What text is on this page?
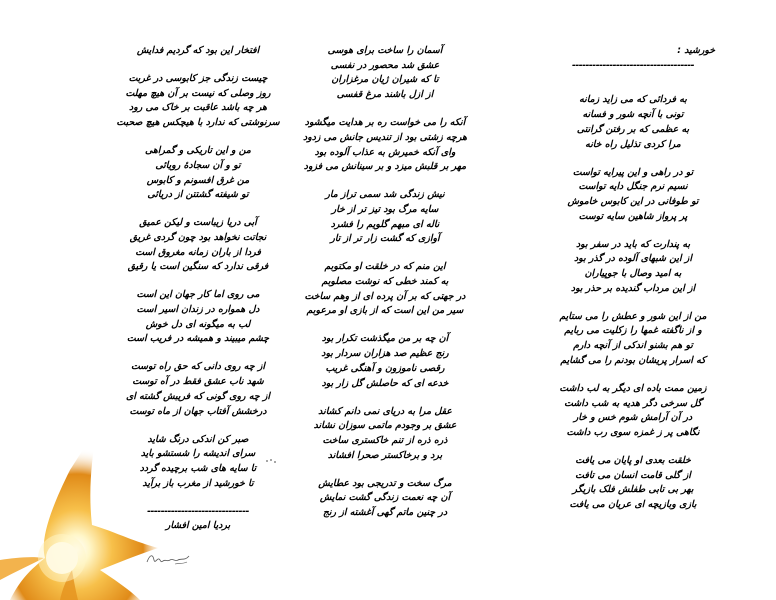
خورشید :
------------------------------------
به فردائی که می زاید زمانه
تونی با آنچه شور و فسانه
به عظمی که بر رفتن گرانتی
مرا کردی تذلیل راه خانه
تو در راهی و این پیرایه تواست
نسیم نرم جنگل دایه تواست
تو طوفانی در این کابوس خاموش
پر پرواز شاهین سایه توست
به پندارت که باید در سفر بود
از این شبهای آلوده در گذر بود
به امید وصال با جوپیاران
از این مرداب گندیده بر حذر بود
من از این شور و عطش را می ستایم
و از ناگفته غمها را زکلیت می ربایم
تو هم بشنو اندکی از آنچه دارم
که اسرار پریشان بودنم را می گشایم
زمین ممت باده ای دیگر به لب داشت
گل سرخی دگر هدیه به شب داشت
در آن آرامش شوم خس و خار
نگاهی پر ز غمزه سوی رب داشت
خلقت بعدی او پایان می یافت
از گلی قامت انسان می تافت
بهر بی تابی طفلش فلک بازیگر
بازی وبازیچه ای عریان می یافت
آسمان را ساخت برای هوسی
عشق شد محصور در نفسی
تا که شیران ژیان مرغزاران
از ازل باشند مرغ قفسی
آنکه را می خواست ره بر هدایت میگشود
هرچه زشتی بود از تندیس جانش می زدود
وای آنکه خمیرش به عذاب آلوده بود
مهر بر قلبش میزد و بر سینانش می فزود
نیش زندگی شد سمی تراز مار
سایه مرگ بود تیز تر از خار
ناله ای مبهم گلویم را فشرد
آوازی که گشت زار تر از تار
این منم که در خلقت او مکتوبم
به کمند خطی که نوشت مصلوبم
در جهتی که بر آن پرده ای از وهم ساخت
سیر من این است که از بازی او مرعوبم
آن چه بر من میگذشت تکرار بود
رنج عظیم صد هزاران سردار بود
رقصی ناموزون و آهنگی غریب
خدعه ای که حاصلش گل زار بود
عقل مرا به دریای نمی دانم کشاند
عشق بر وجودم ماتمی سوزان نشاند
ذره ذره از تنم خاکستری ساخت
برد و برخاکستر صحرا افشاند
مرگ سخت و تدریجی بود عطایش
آن چه نعمت زندگی گشت نمایش
در چنین ماتم گهی آغشته از رنج
افتخار این بود که گردیم فدایش
چیست زندگی جز کابوسی در غربت
روز وصلی که نیست بر آن هیچ مهلت
هر چه باشد عاقبت بر خاک می رود
سرنوشتی که ندارد با هیچکس هیچ صحبت
من و این تاریکی و گمراهی
تو و آن سجادهٔ رویائی
من غرق افسونم و کابوس
تو شیفته گشتتن از دریائی
آبی دریا زیباست و لیکن عمیق
نجاتت نخواهد بود چون گردی غریق
فردا از باران زمانه مغروق است
فرقی ندارد که سنگین است یا رقیق
می روی اما کار جهان این است
دل همواره در زندان اسیر است
لب به میگونه ای دل خوش
چشم میبیند و همیشه در فریب است
از چه روی دانی که حق راه توست
شهد ناب عشق فقط در آه توست
از چه روی گونی که فریبش گشته ای
درخشش آفتاب جهان از ماه توست
صبر کن اندکی درنگ شاید
سرای اندیشه را شستشو باید
تا سایه های شب برچیده گردد
تا خورشید از مغرب باز برآید
------------------------------
بردیا امین افشار
